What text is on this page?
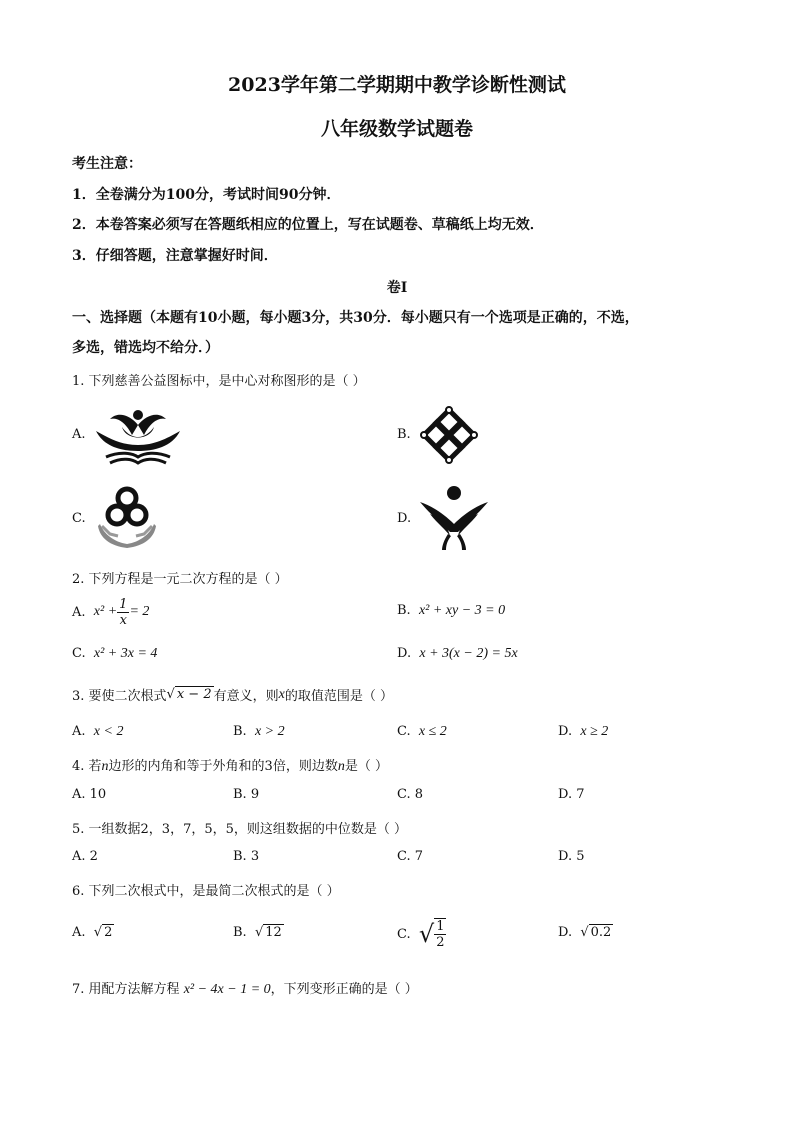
2023学年第二学期期中教学诊断性测试
八年级数学试题卷
考生注意：
1．全卷满分为100分，考试时间90分钟．
2．本卷答案必须写在答题纸相应的位置上，写在试题卷、草稿纸上均无效．
3．仔细答题，注意掌握好时间．
卷Ⅰ
一、选择题（本题有10小题，每小题3分，共30分．每小题只有一个选项是正确的，不选，
多选，错选均不给分．）
1. 下列慈善公益图标中，是中心对称图形的是（ ）
A.	B.
C.	D.
2. 下列方程是一元二次方程的是（ ）
A.
$x^2 + \frac{1}{x} = 2$	B. x² + xy − 3 = 0
C. x² + 3x = 4	D. x + 3(x − 2) = 5x
3. 要使二次根式 √ x − 2 有意义，则 x 的取值范围是（ ）
A. x < 2	B. x > 2	C. x ≤ 2	D. x ≥ 2
4. 若n边形的内角和等于外角和的3倍，则边数n是（ ）
A. 10	B. 9	C. 8	D. 7
5. 一组数据2，3，7，5，5，则这组数据的中位数是（ ）
A. 2	B. 3	C. 7	D. 5
6. 下列二次根式中，是最简二次根式的是（ ）
A.
√ 2	B.
√ 12	C.
√ $\frac{1}{2}$	D.
√ 0.2
7. 用配方法解方程 x² − 4x − 1 = 0，下列变形正确的是（ ）
